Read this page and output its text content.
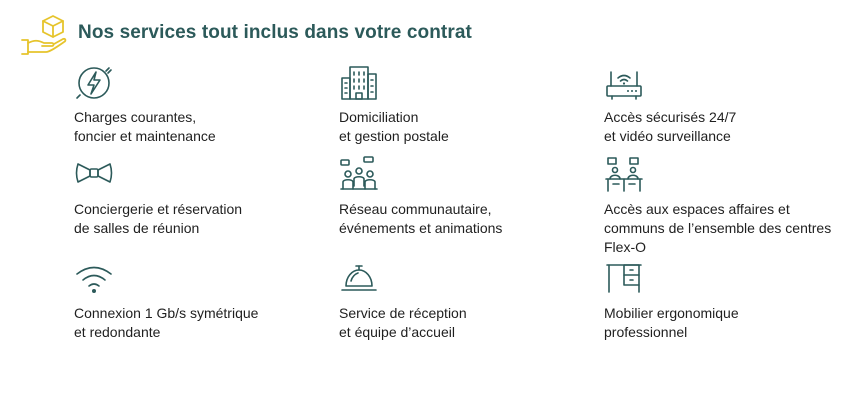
Nos services tout inclus dans votre contrat
Charges courantes,
foncier et maintenance
Domiciliation
et gestion postale
Accès sécurisés 24/7
et vidéo surveillance
Conciergerie et réservation
de salles de réunion
Réseau communautaire,
événements et animations
Accès aux espaces affaires et
communs de l’ensemble des centres
Flex-O
Connexion 1 Gb/s symétrique
et redondante
Service de réception
et équipe d’accueil
Mobilier ergonomique
professionnel
